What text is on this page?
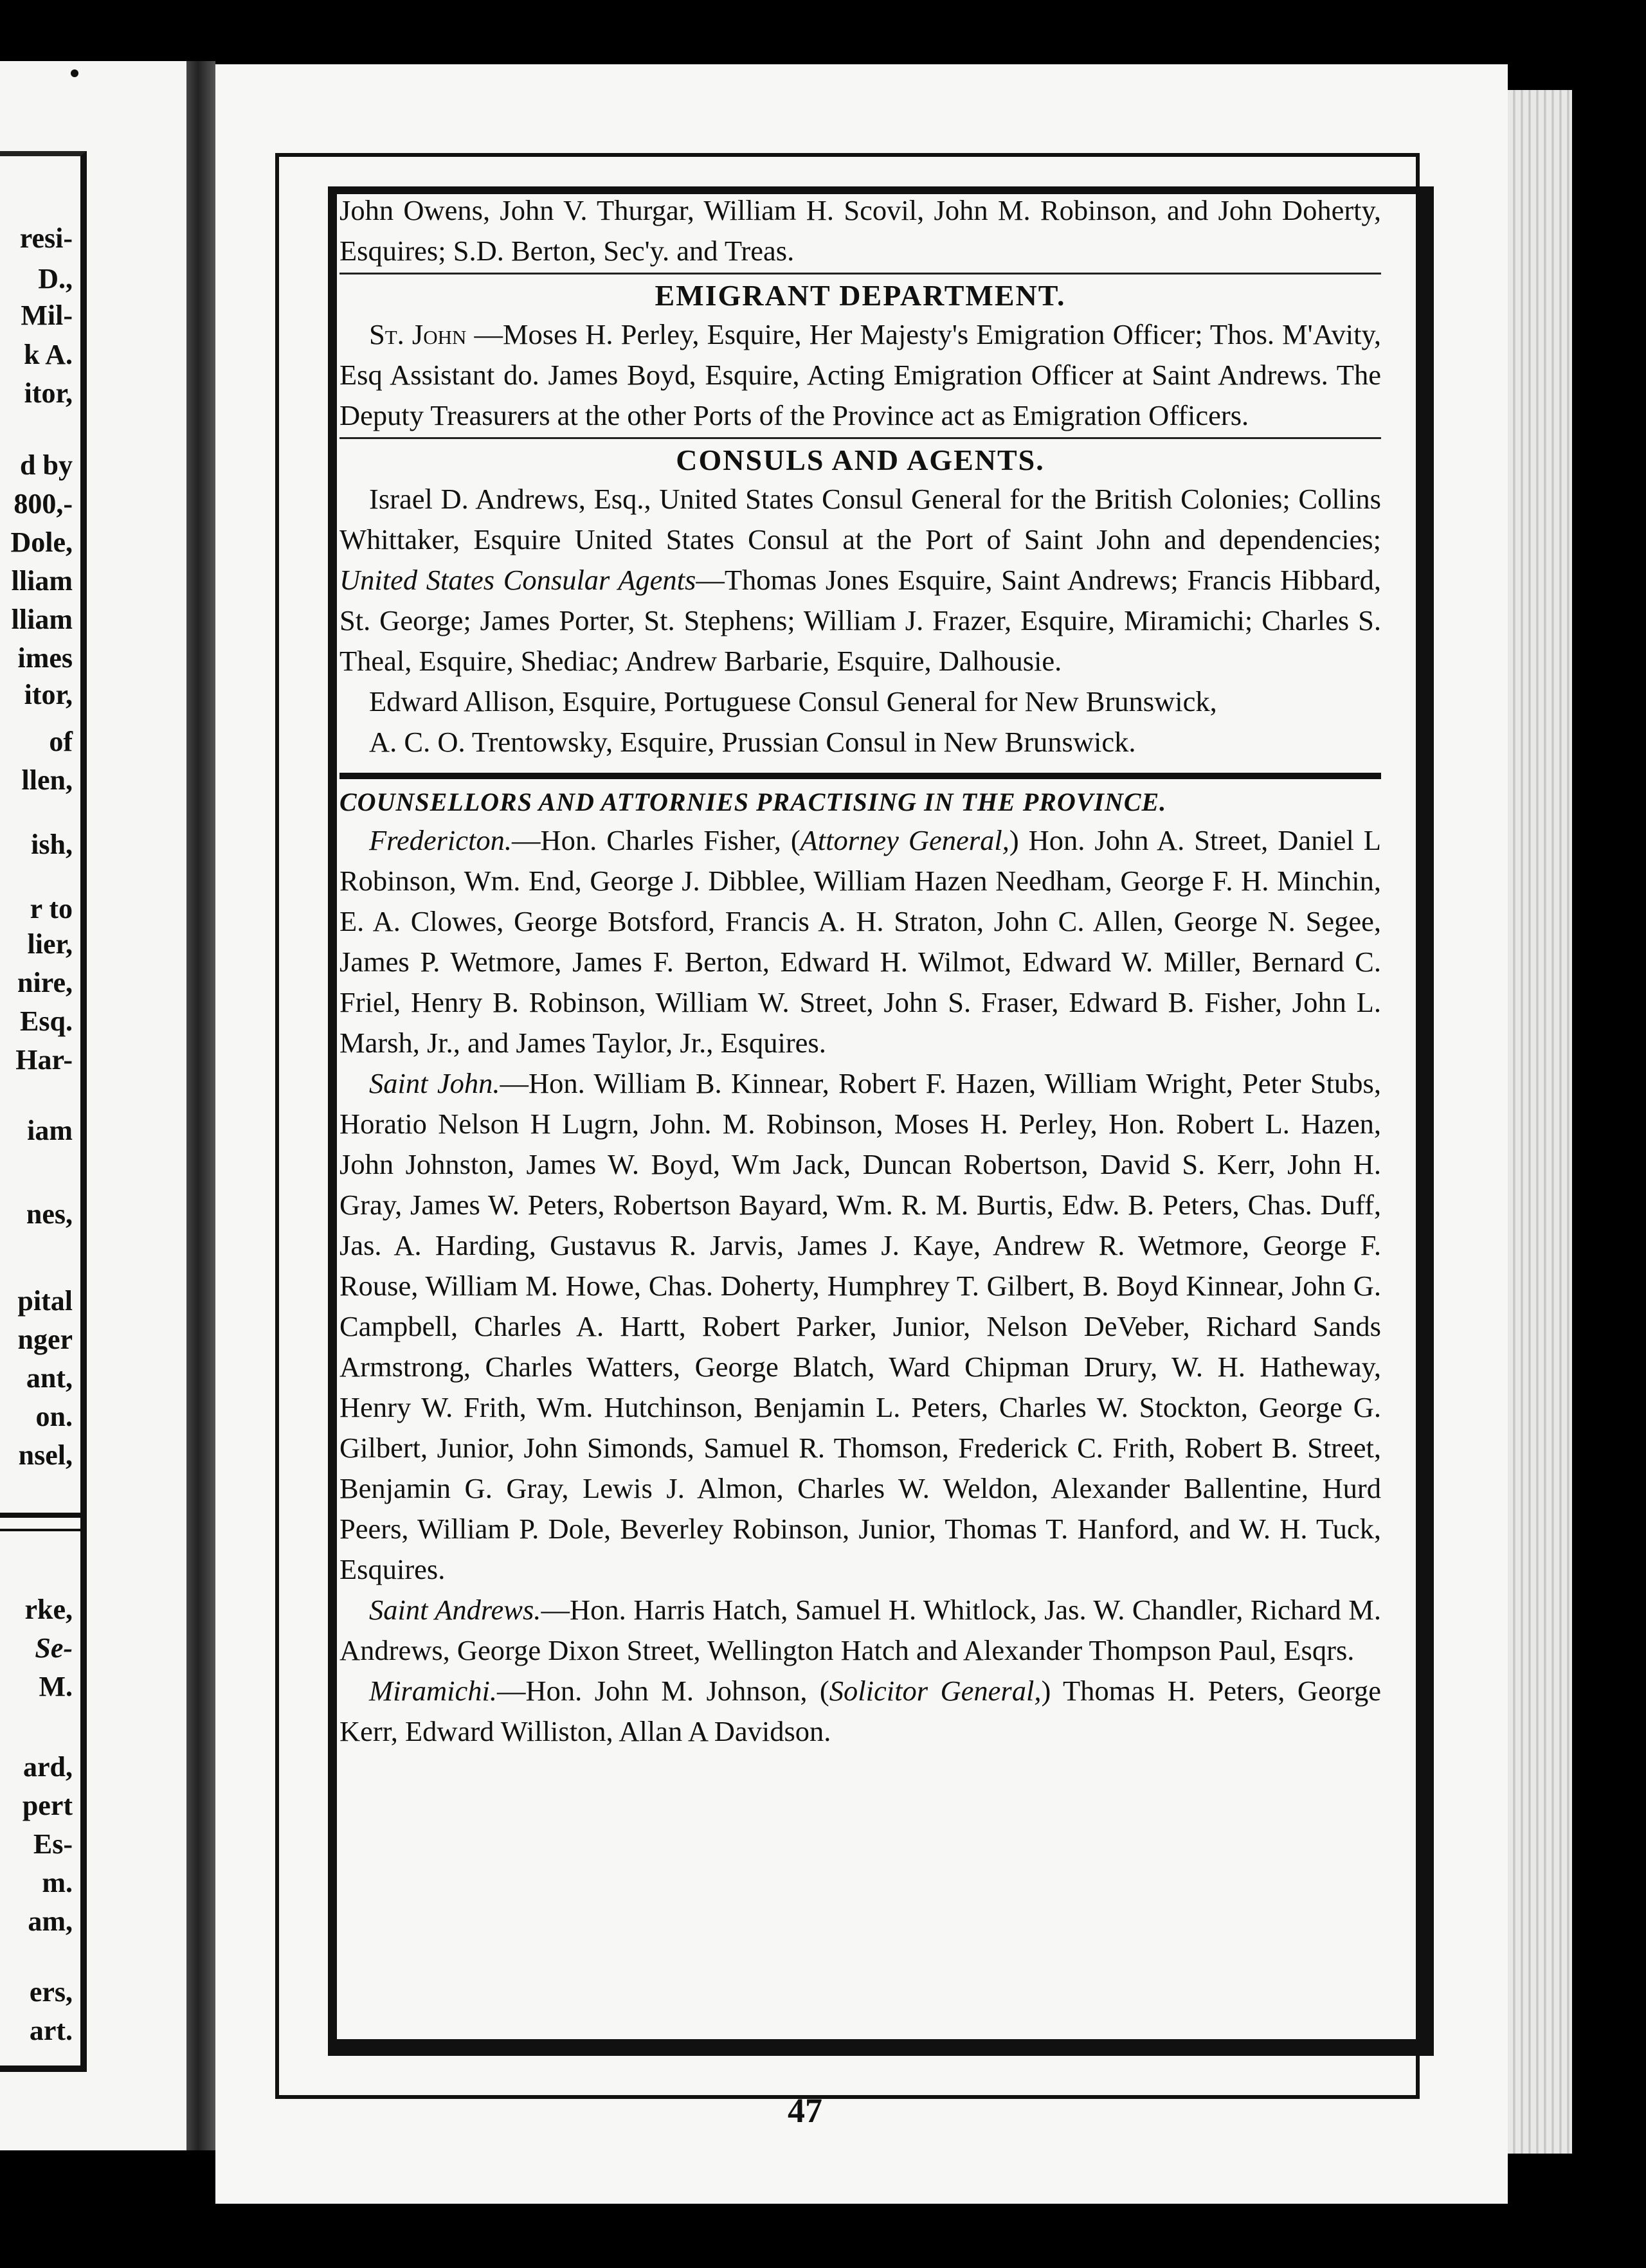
resi-
D.,
Mil-
k A.
itor,
d by
800,-
Dole,
lliam
lliam
imes
itor,
of
llen,
ish,
r to
lier,
nire,
Esq.
Har-
iam
nes,
pital
nger
ant,
on.
nsel,
rke,
Se-
M.
ard,
pert
Es-
m.
am,
ers,
art.

John Owens, John V. Thurgar, William H. Scovil, John M. Robinson, and John Doherty, Esquires; S.D. Berton, Sec'y. and Treas.

EMIGRANT DEPARTMENT.

St. John —Moses H. Perley, Esquire, Her Majesty's Emigration Officer; Thos. M'Avity, Esq Assistant do. James Boyd, Esquire, Acting Emigration Officer at Saint Andrews. The Deputy Treasurers at the other Ports of the Province act as Emigration Officers.

CONSULS AND AGENTS.

Israel D. Andrews, Esq., United States Consul General for the British Colonies; Collins Whittaker, Esquire United States Consul at the Port of Saint John and dependencies; United States Consular Agents—Thomas Jones Esquire, Saint Andrews; Francis Hibbard, St. George; James Porter, St. Stephens; William J. Frazer, Esquire, Miramichi; Charles S. Theal, Esquire, Shediac; Andrew Barbarie, Esquire, Dalhousie.

Edward Allison, Esquire, Portuguese Consul General for New Brunswick,

A. C. O. Trentowsky, Esquire, Prussian Consul in New Brunswick.

COUNSELLORS AND ATTORNIES PRACTISING IN THE PROVINCE.

Fredericton.—Hon. Charles Fisher, (Attorney General,) Hon. John A. Street, Daniel L Robinson, Wm. End, George J. Dibblee, William Hazen Needham, George F. H. Minchin, E. A. Clowes, George Botsford, Francis A. H. Straton, John C. Allen, George N. Segee, James P. Wetmore, James F. Berton, Edward H. Wilmot, Edward W. Miller, Bernard C. Friel, Henry B. Robinson, William W. Street, John S. Fraser, Edward B. Fisher, John L. Marsh, Jr., and James Taylor, Jr., Esquires.

Saint John.—Hon. William B. Kinnear, Robert F. Hazen, William Wright, Peter Stubs, Horatio Nelson H Lugrn, John. M. Robinson, Moses H. Perley, Hon. Robert L. Hazen, John Johnston, James W. Boyd, Wm Jack, Duncan Robertson, David S. Kerr, John H. Gray, James W. Peters, Robertson Bayard, Wm. R. M. Burtis, Edw. B. Peters, Chas. Duff, Jas. A. Harding, Gustavus R. Jarvis, James J. Kaye, Andrew R. Wetmore, George F. Rouse, William M. Howe, Chas. Doherty, Humphrey T. Gilbert, B. Boyd Kinnear, John G. Campbell, Charles A. Hartt, Robert Parker, Junior, Nelson DeVeber, Richard Sands Armstrong, Charles Watters, George Blatch, Ward Chipman Drury, W. H. Hatheway, Henry W. Frith, Wm. Hutchinson, Benjamin L. Peters, Charles W. Stockton, George G. Gilbert, Junior, John Simonds, Samuel R. Thomson, Frederick C. Frith, Robert B. Street, Benjamin G. Gray, Lewis J. Almon, Charles W. Weldon, Alexander Ballentine, Hurd Peers, William P. Dole, Beverley Robinson, Junior, Thomas T. Hanford, and W. H. Tuck, Esquires.

Saint Andrews.—Hon. Harris Hatch, Samuel H. Whitlock, Jas. W. Chandler, Richard M. Andrews, George Dixon Street, Wellington Hatch and Alexander Thompson Paul, Esqrs.

Miramichi.—Hon. John M. Johnson, (Solicitor General,) Thomas H. Peters, George Kerr, Edward Williston, Allan A Davidson.

47
